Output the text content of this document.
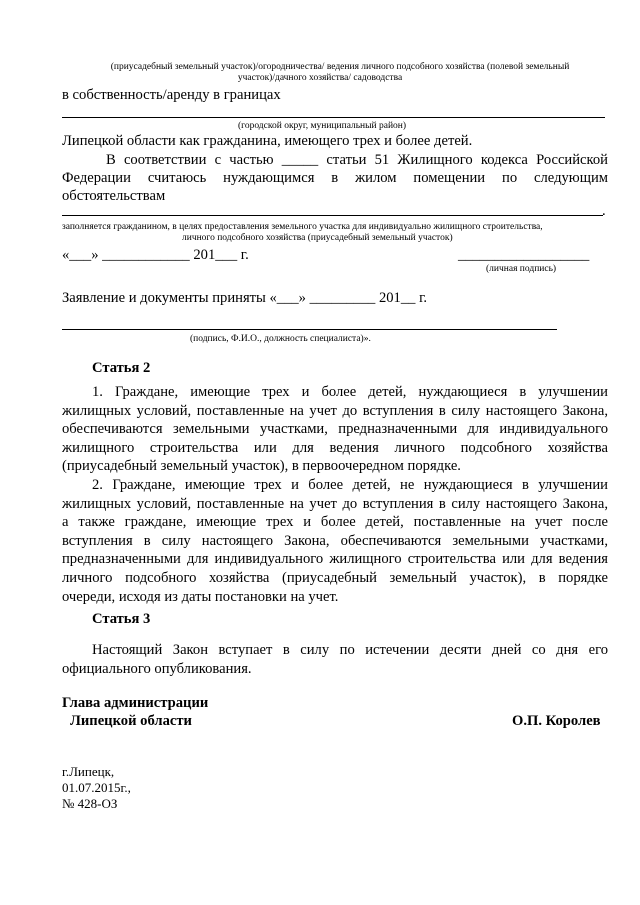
(приусадебный земельный участок)/огородничества/ ведения личного подсобного хозяйства (полевой земельный
участок)/дачного хозяйства/ садоводства
в собственность/аренду в границах
(городской округ, муниципальный район)
Липецкой области как гражданина, имеющего трех и более детей.
В соответствии с частью _____ статьи 51 Жилищного кодекса Российской
Федерации считаюсь нуждающимся в жилом помещении по следующим
обстоятельствам
.
заполняется гражданином, в целях предоставления земельного участка для индивидуально жилищного строительства,
личного подсобного хозяйства (приусадебный земельный участок)
«___» ____________ 201___ г.	__________________
(личная подпись)
Заявление и документы приняты «___» _________ 201__ г.
(подпись, Ф.И.О., должность специалиста)».
Статья 2
1. Граждане, имеющие трех и более детей, нуждающиеся в улучшении
жилищных условий, поставленные на учет до вступления в силу настоящего Закона,
обеспечиваются земельными участками, предназначенными для индивидуального
жилищного строительства или для ведения личного подсобного хозяйства
(приусадебный земельный участок), в первоочередном порядке.
2. Граждане, имеющие трех и более детей, не нуждающиеся в улучшении
жилищных условий, поставленные на учет до вступления в силу настоящего Закона,
а также граждане, имеющие трех и более детей, поставленные на учет после
вступления в силу настоящего Закона, обеспечиваются земельными участками,
предназначенными для индивидуального жилищного строительства или для ведения
личного подсобного хозяйства (приусадебный земельный участок), в порядке
очереди, исходя из даты постановки на учет.
Статья 3
Настоящий Закон вступает в силу по истечении десяти дней со дня его
официального опубликования.
Глава администрации
Липецкой области	О.П. Королев
г.Липецк,
01.07.2015г.,
№ 428-ОЗ
